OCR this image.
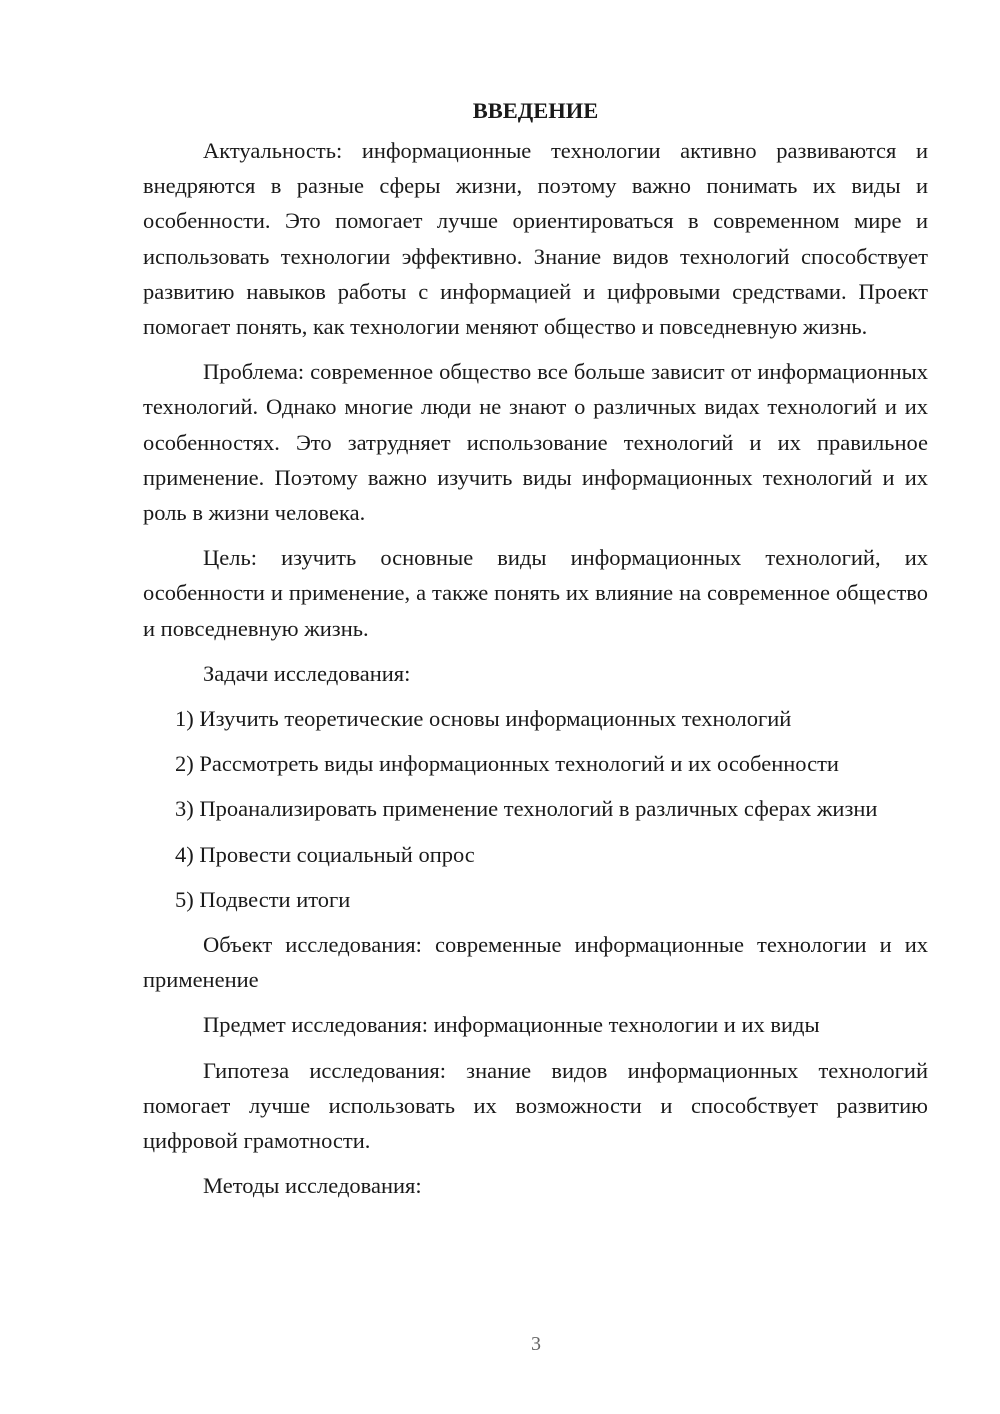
ВВЕДЕНИЕ

Актуальность: информационные технологии активно развиваются и внедряются в разные сферы жизни, поэтому важно понимать их виды и особенности. Это помогает лучше ориентироваться в современном мире и использовать технологии эффективно. Знание видов технологий способствует развитию навыков работы с информацией и цифровыми средствами. Проект помогает понять, как технологии меняют общество и повседневную жизнь.

Проблема: современное общество все больше зависит от информационных технологий. Однако многие люди не знают о различных видах технологий и их особенностях. Это затрудняет использование технологий и их правильное применение. Поэтому важно изучить виды информационных технологий и их роль в жизни человека.

Цель: изучить основные виды информационных технологий, их особенности и применение, а также понять их влияние на современное общество и повседневную жизнь.

Задачи исследования:

1) Изучить теоретические основы информационных технологий

2) Рассмотреть виды информационных технологий и их особенности

3) Проанализировать применение технологий в различных сферах жизни

4) Провести социальный опрос

5) Подвести итоги

Объект исследования: современные информационные технологии и их применение

Предмет исследования: информационные технологии и их виды

Гипотеза исследования: знание видов информационных технологий помогает лучше использовать их возможности и способствует развитию цифровой грамотности.

Методы исследования:

3
